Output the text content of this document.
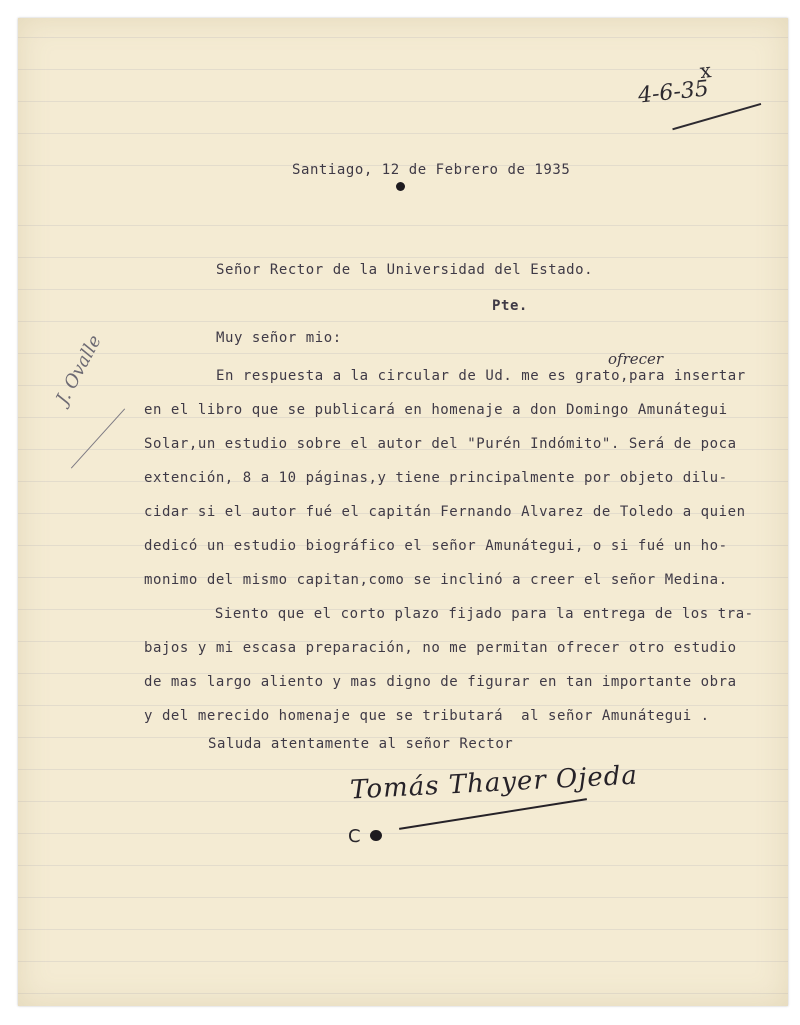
x
4-6-35

Santiago, 12 de Febrero de 1935

Señor Rector de la Universidad del Estado.

Pte.

Muy señor mio:

ofrecer

En respuesta a la circular de Ud. me es grato,para insertar

en el libro que se publicará en homenaje a don Domingo Amunátegui

Solar,un estudio sobre el autor del "Purén Indómito". Será de poca

extención, 8 a 10 páginas,y tiene principalmente por objeto dilu-

cidar si el autor fué el capitán Fernando Alvarez de Toledo a quien

dedicó un estudio biográfico el señor Amunátegui, o si fué un ho-

monimo del mismo capitan,como se inclinó a creer el señor Medina.

Siento que el corto plazo fijado para la entrega de los tra-

bajos y mi escasa preparación, no me permitan ofrecer otro estudio

de mas largo aliento y mas digno de figurar en tan importante obra

y del merecido homenaje que se tributará  al señor Amunátegui .

Saluda atentamente al señor Rector

Tomás Thayer Ojeda
J. Ovalle
C
